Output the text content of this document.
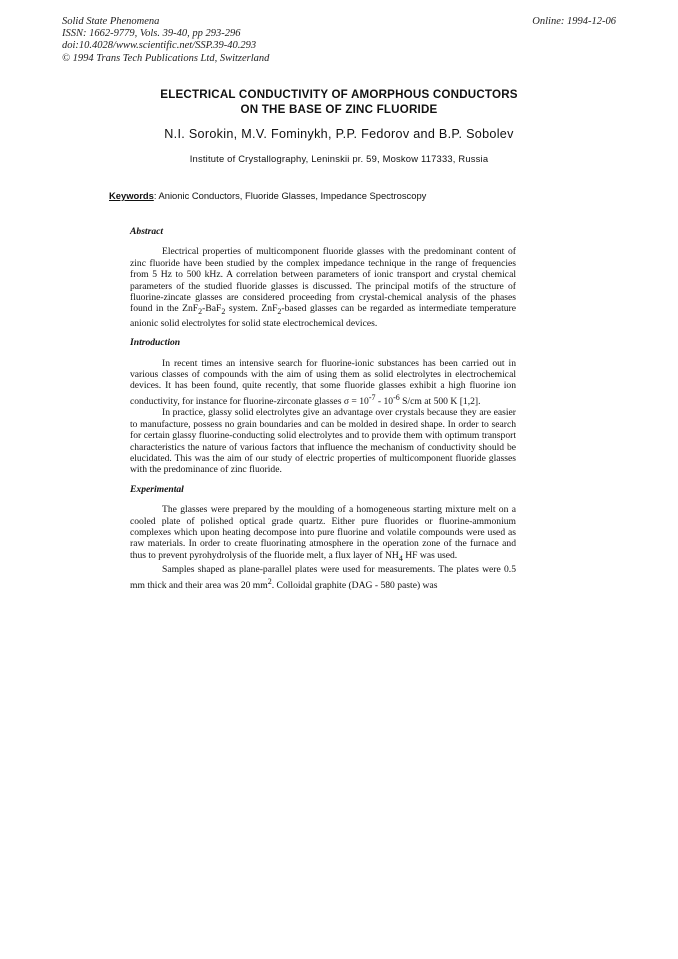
Solid State Phenomena
ISSN: 1662-9779, Vols. 39-40, pp 293-296
doi:10.4028/www.scientific.net/SSP.39-40.293
© 1994 Trans Tech Publications Ltd, Switzerland
Online: 1994-12-06
ELECTRICAL CONDUCTIVITY OF AMORPHOUS CONDUCTORS
ON THE BASE OF ZINC FLUORIDE
N.I. Sorokin, M.V. Fominykh, P.P. Fedorov and B.P. Sobolev
Institute of Crystallography, Leninskii pr. 59, Moskow 117333, Russia
Keywords: Anionic Conductors, Fluoride Glasses, Impedance Spectroscopy
Abstract

Electrical properties of multicomponent fluoride glasses with the predominant content of zinc fluoride have been studied by the complex impedance technique in the range of frequencies from 5 Hz to 500 kHz. A correlation between parameters of ionic transport and crystal chemical parameters of the studied fluoride glasses is discussed. The principal motifs of the structure of fluorine-zincate glasses are considered proceeding from crystal-chemical analysis of the phases found in the ZnF$_2$-BaF$_2$ system. ZnF$_2$-based glasses can be regarded as intermediate temperature anionic solid electrolytes for solid state electrochemical devices.

Introduction

In recent times an intensive search for fluorine-ionic substances has been carried out in various classes of compounds with the aim of using them as solid electrolytes in electrochemical devices. It has been found, quite recently, that some fluoride glasses exhibit a high fluorine ion conductivity, for instance for fluorine-zirconate glasses $\sigma = 10^{-7} - 10^{-6}$ S/cm at 500 K [1,2].

In practice, glassy solid electrolytes give an advantage over crystals because they are easier to manufacture, possess no grain boundaries and can be molded in desired shape. In order to search for certain glassy fluorine-conducting solid electrolytes and to provide them with optimum transport characteristics the nature of various factors that influence the mechanism of conductivity should be elucidated. This was the aim of our study of electric properties of multicomponent fluoride glasses with the predominance of zinc fluoride.

Experimental

The glasses were prepared by the moulding of a homogeneous starting mixture melt on a cooled plate of polished optical grade quartz. Either pure fluorides or fluorine-ammonium complexes which upon heating decompose into pure fluorine and volatile compounds were used as raw materials. In order to create fluorinating atmosphere in the operation zone of the furnace and thus to prevent pyrohydrolysis of the fluoride melt, a flux layer of $NH_4$ HF was used.

Samples shaped as plane-parallel plates were used for measurements. The plates were 0.5 mm thick and their area was 20 $mm^2$. Colloidal graphite (DAG - 580 paste) was
